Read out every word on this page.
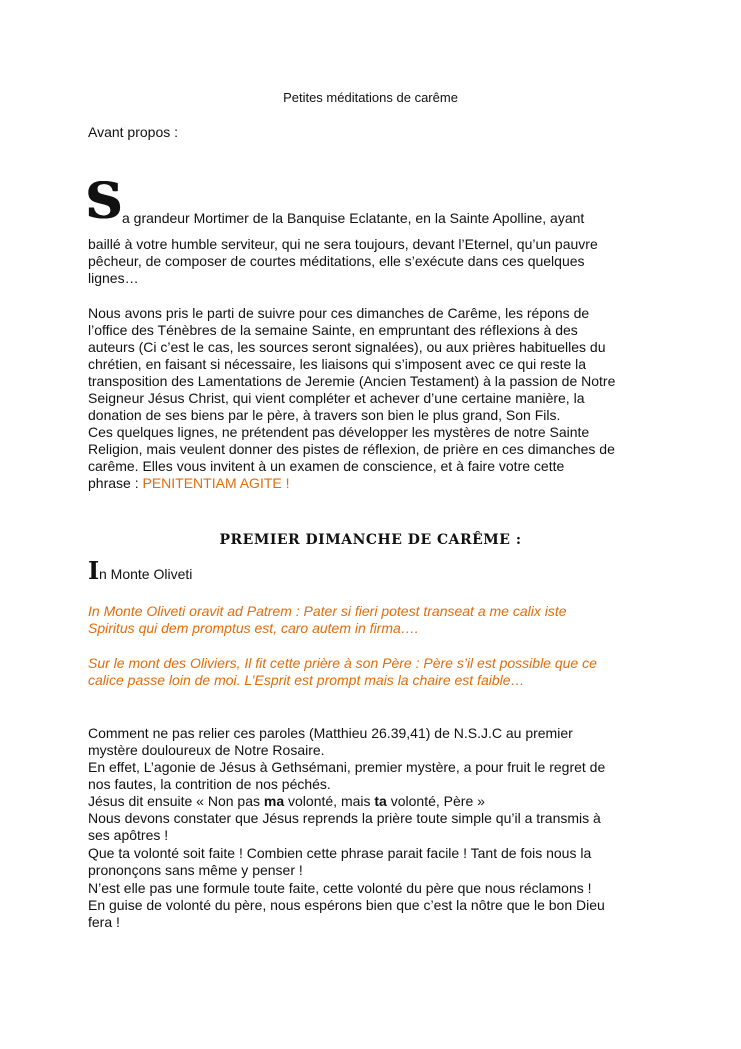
Petites méditations de carême
Avant propos :
S a grandeur Mortimer de la Banquise Eclatante, en la Sainte Apolline, ayant
baillé à votre humble serviteur, qui ne sera toujours, devant l’Eternel, qu’un pauvre
pêcheur, de composer de courtes méditations, elle s’exécute dans ces quelques
lignes…
Nous avons pris le parti de suivre pour ces dimanches de Carême, les répons de
l’office des Ténèbres de la semaine Sainte, en empruntant des réflexions à des
auteurs (Ci c’est le cas, les sources seront signalées), ou aux prières habituelles du
chrétien, en faisant si nécessaire, les liaisons qui s’imposent avec ce qui reste la
transposition des Lamentations de Jeremie (Ancien Testament) à la passion de Notre
Seigneur Jésus Christ, qui vient compléter et achever d’une certaine manière, la
donation de ses biens par le père, à travers son bien le plus grand, Son Fils.
Ces quelques lignes, ne prétendent pas développer les mystères de notre Sainte
Religion, mais veulent donner des pistes de réflexion, de prière en ces dimanches de
carême. Elles vous invitent à un examen de conscience, et à faire votre cette
phrase : PENITENTIAM AGITE !
PREMIER DIMANCHE DE CARÊME :
I n Monte Oliveti
In Monte Oliveti oravit ad Patrem : Pater si fieri potest transeat a me calix iste
Spiritus qui dem promptus est, caro autem in firma….
Sur le mont des Oliviers, Il fit cette prière à son Père : Père s’il est possible que ce
calice passe loin de moi. L’Esprit est prompt mais la chaire est faible…
Comment ne pas relier ces paroles (Matthieu 26.39,41) de N.S.J.C au premier
mystère douloureux de Notre Rosaire.
En effet, L’agonie de Jésus à Gethsémani, premier mystère, a pour fruit le regret de
nos fautes, la contrition de nos péchés.
Jésus dit ensuite « Non pas ma volonté, mais ta volonté, Père »
Nous devons constater que Jésus reprends la prière toute simple qu’il a transmis à
ses apôtres !
Que ta volonté soit faite ! Combien cette phrase parait facile ! Tant de fois nous la
prononçons sans même y penser !
N’est elle pas une formule toute faite, cette volonté du père que nous réclamons !
En guise de volonté du père, nous espérons bien que c’est la nôtre que le bon Dieu
fera !
